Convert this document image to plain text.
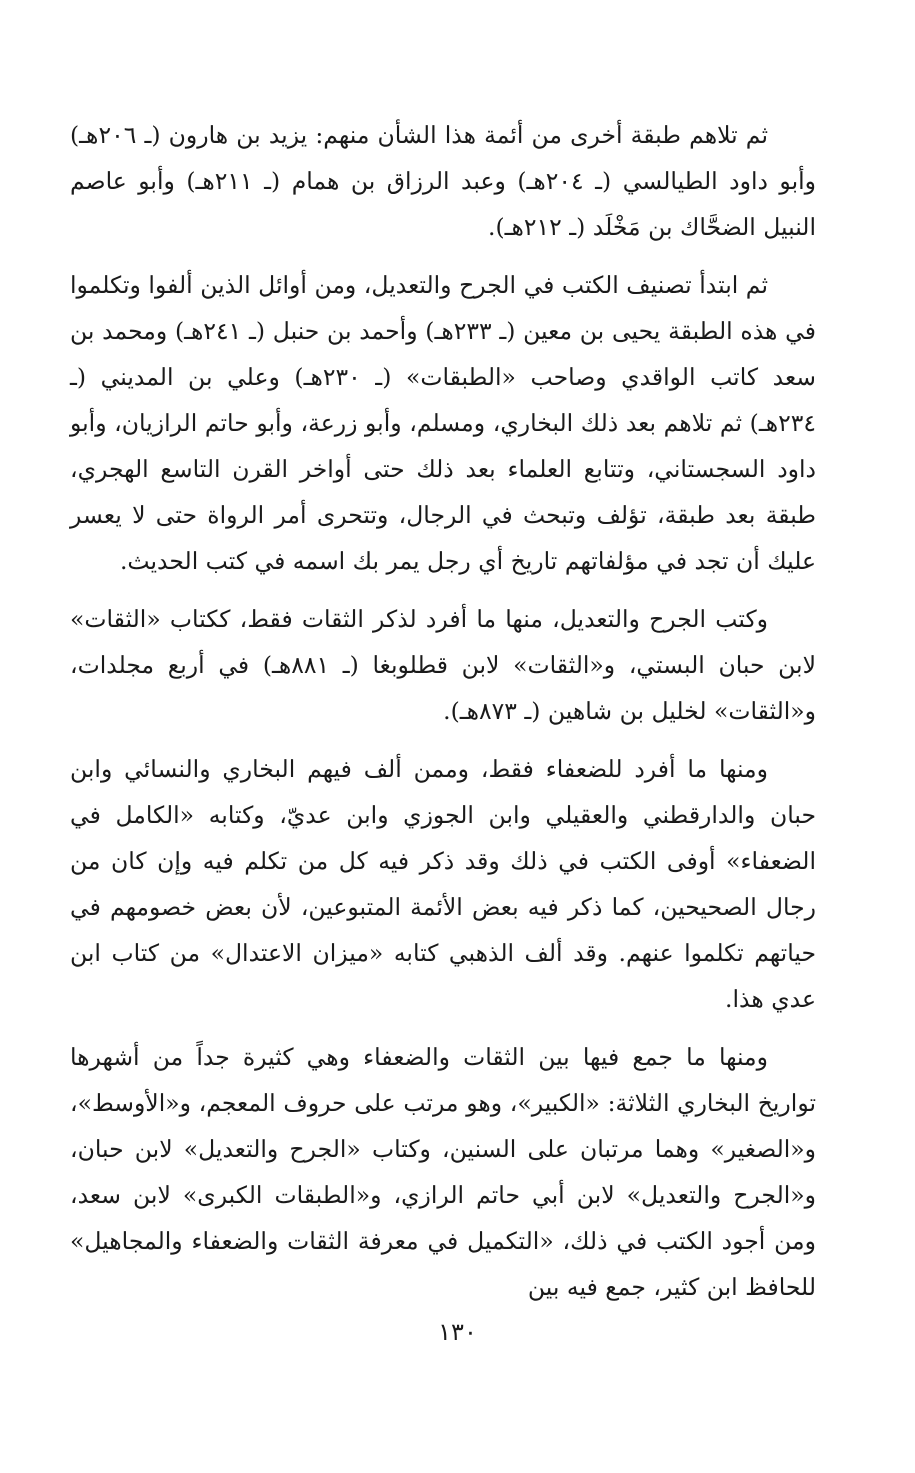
ثم تلاهم طبقة أخرى من أئمة هذا الشأن منهم: يزيد بن هارون (ـ ٢٠٦هـ) وأبو داود الطيالسي (ـ ٢٠٤هـ) وعبد الرزاق بن همام (ـ ٢١١هـ) وأبو عاصم النبيل الضحَّاك بن مَخْلَد (ـ ٢١٢هـ).

ثم ابتدأ تصنيف الكتب في الجرح والتعديل، ومن أوائل الذين ألفوا وتكلموا في هذه الطبقة يحيى بن معين (ـ ٢٣٣هـ) وأحمد بن حنبل (ـ ٢٤١هـ) ومحمد بن سعد كاتب الواقدي وصاحب «الطبقات» (ـ ٢٣٠هـ) وعلي بن المديني (ـ ٢٣٤هـ) ثم تلاهم بعد ذلك البخاري، ومسلم، وأبو زرعة، وأبو حاتم الرازيان، وأبو داود السجستاني، وتتابع العلماء بعد ذلك حتى أواخر القرن التاسع الهجري، طبقة بعد طبقة، تؤلف وتبحث في الرجال، وتتحرى أمر الرواة حتى لا يعسر عليك أن تجد في مؤلفاتهم تاريخ أي رجل يمر بك اسمه في كتب الحديث.

وكتب الجرح والتعديل، منها ما أفرد لذكر الثقات فقط، ككتاب «الثقات» لابن حبان البستي، و«الثقات» لابن قطلوبغا (ـ ٨٨١هـ) في أربع مجلدات، و«الثقات» لخليل بن شاهين (ـ ٨٧٣هـ).

ومنها ما أفرد للضعفاء فقط، وممن ألف فيهم البخاري والنسائي وابن حبان والدارقطني والعقيلي وابن الجوزي وابن عديّ، وكتابه «الكامل في الضعفاء» أوفى الكتب في ذلك وقد ذكر فيه كل من تكلم فيه وإن كان من رجال الصحيحين، كما ذكر فيه بعض الأئمة المتبوعين، لأن بعض خصومهم في حياتهم تكلموا عنهم. وقد ألف الذهبي كتابه «ميزان الاعتدال» من كتاب ابن عدي هذا.

ومنها ما جمع فيها بين الثقات والضعفاء وهي كثيرة جداً من أشهرها تواريخ البخاري الثلاثة: «الكبير»، وهو مرتب على حروف المعجم، و«الأوسط»، و«الصغير» وهما مرتبان على السنين، وكتاب «الجرح والتعديل» لابن حبان، و«الجرح والتعديل» لابن أبي حاتم الرازي، و«الطبقات الكبرى» لابن سعد، ومن أجود الكتب في ذلك، «التكميل في معرفة الثقات والضعفاء والمجاهيل» للحافظ ابن كثير، جمع فيه بين

١٣٠
